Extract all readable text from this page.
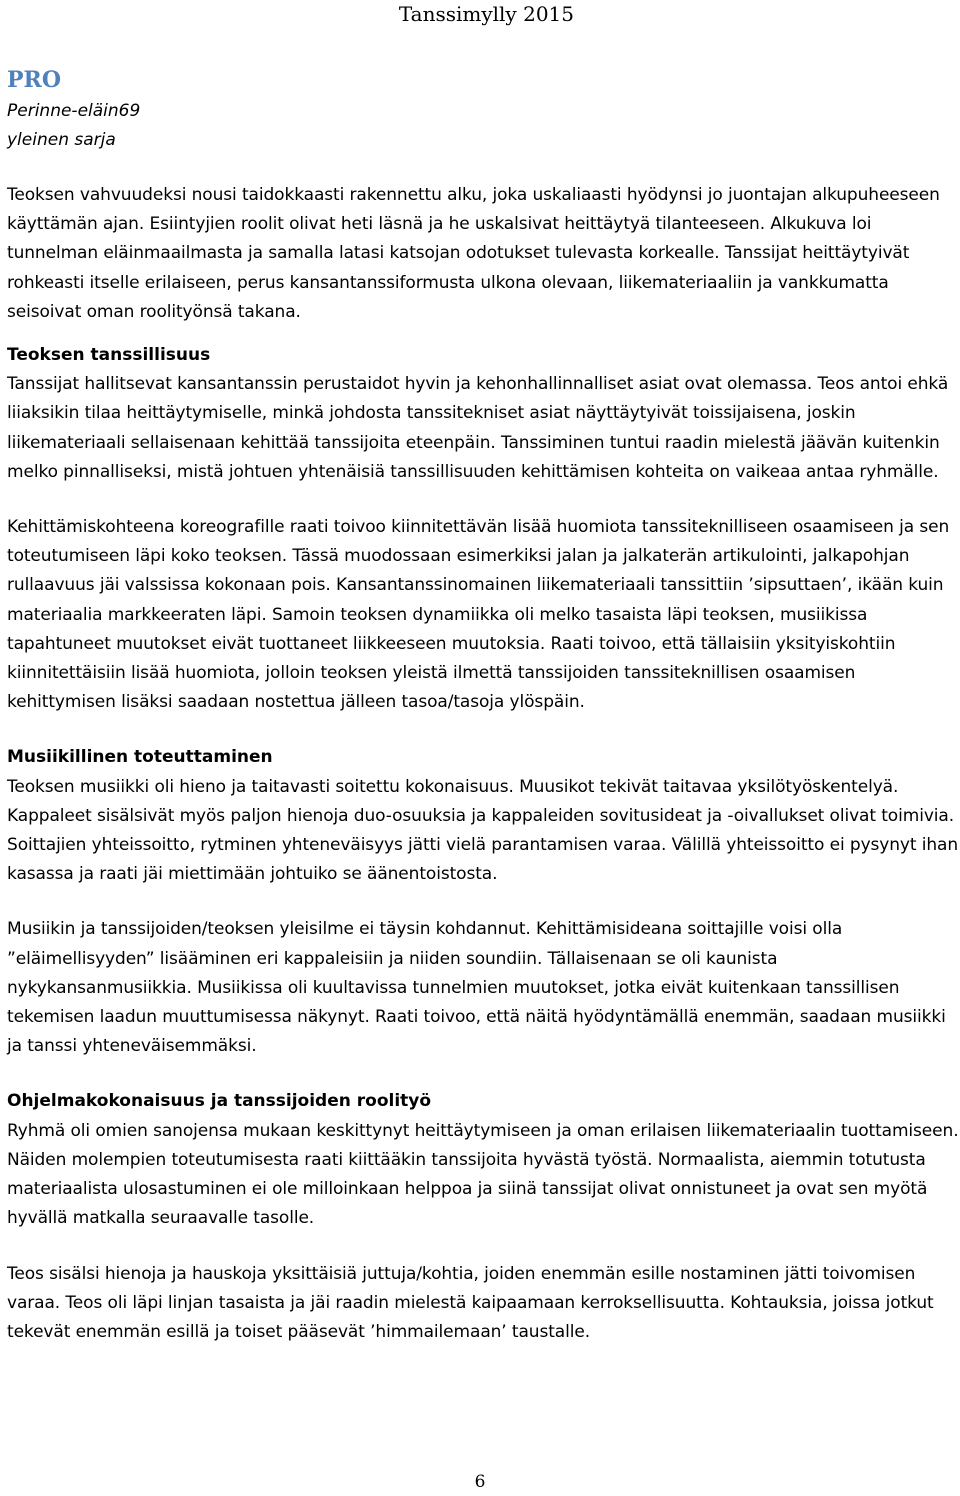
Tanssimylly 2015
PRO
Perinne-eläin69
yleinen sarja

Teoksen vahvuudeksi nousi taidokkaasti rakennettu alku, joka uskaliaasti hyödynsi jo juontajan alkupuheeseen käyttämän ajan. Esiintyjien roolit olivat heti läsnä ja he uskalsivat heittäytyä tilanteeseen. Alkukuva loi tunnelman eläinmaailmasta ja samalla latasi katsojan odotukset tulevasta korkealle. Tanssijat heittäytyivät rohkeasti itselle erilaiseen, perus kansantanssiformusta ulkona olevaan, liikemateriaaliin ja vankkumatta seisoivat oman roolityönsä takana.

Teoksen tanssillisuus

Tanssijat hallitsevat kansantanssin perustaidot hyvin ja kehonhallinnalliset asiat ovat olemassa. Teos antoi ehkä liiaksikin tilaa heittäytymiselle, minkä johdosta tanssitekniset asiat näyttäytyivät toissijaisena, joskin liikemateriaali sellaisenaan kehittää tanssijoita eteenpäin. Tanssiminen tuntui raadin mielestä jäävän kuitenkin melko pinnalliseksi, mistä johtuen yhtenäisiä tanssillisuuden kehittämisen kohteita on vaikeaa antaa ryhmälle.

Kehittämiskohteena koreografille raati toivoo kiinnitettävän lisää huomiota tanssiteknilliseen osaamiseen ja sen toteutumiseen läpi koko teoksen. Tässä muodossaan esimerkiksi jalan ja jalkaterän artikulointi, jalkapohjan rullaavuus jäi valssissa kokonaan pois. Kansantanssinomainen liikemateriaali tanssittiin ’sipsuttaen’, ikään kuin materiaalia markkeeraten läpi. Samoin teoksen dynamiikka oli melko tasaista läpi teoksen, musiikissa tapahtuneet muutokset eivät tuottaneet liikkeeseen muutoksia. Raati toivoo, että tällaisiin yksityiskohtiin kiinnitettäisiin lisää huomiota, jolloin teoksen yleistä ilmettä tanssijoiden tanssiteknillisen osaamisen kehittymisen lisäksi saadaan nostettua jälleen tasoa/tasoja ylöspäin.

Musiikillinen toteuttaminen

Teoksen musiikki oli hieno ja taitavasti soitettu kokonaisuus. Muusikot tekivät taitavaa yksilötyöskentelyä. Kappaleet sisälsivät myös paljon hienoja duo-osuuksia ja kappaleiden sovitusideat ja -oivallukset olivat toimivia. Soittajien yhteissoitto, rytminen yhteneväisyys jätti vielä parantamisen varaa. Välillä yhteissoitto ei pysynyt ihan kasassa ja raati jäi miettimään johtuiko se äänentoistosta.

Musiikin ja tanssijoiden/teoksen yleisilme ei täysin kohdannut. Kehittämisideana soittajille voisi olla ”eläimellisyyden” lisääminen eri kappaleisiin ja niiden soundiin. Tällaisenaan se oli kaunista nykykansanmusiikkia. Musiikissa oli kuultavissa tunnelmien muutokset, jotka eivät kuitenkaan tanssillisen tekemisen laadun muuttumisessa näkynyt. Raati toivoo, että näitä hyödyntämällä enemmän, saadaan musiikki ja tanssi yhteneväisemmäksi.

Ohjelmakokonaisuus ja tanssijoiden roolityö

Ryhmä oli omien sanojensa mukaan keskittynyt heittäytymiseen ja oman erilaisen liikemateriaalin tuottamiseen. Näiden molempien toteutumisesta raati kiittääkin tanssijoita hyvästä työstä. Normaalista, aiemmin totutusta materiaalista ulosastuminen ei ole milloinkaan helppoa ja siinä tanssijat olivat onnistuneet ja ovat sen myötä hyvällä matkalla seuraavalle tasolle.

Teos sisälsi hienoja ja hauskoja yksittäisiä juttuja/kohtia, joiden enemmän esille nostaminen jätti toivomisen varaa. Teos oli läpi linjan tasaista ja jäi raadin mielestä kaipaamaan kerroksellisuutta. Kohtauksia, joissa jotkut tekevät enemmän esillä ja toiset pääsevät ’himmailemaan’ taustalle.

6
